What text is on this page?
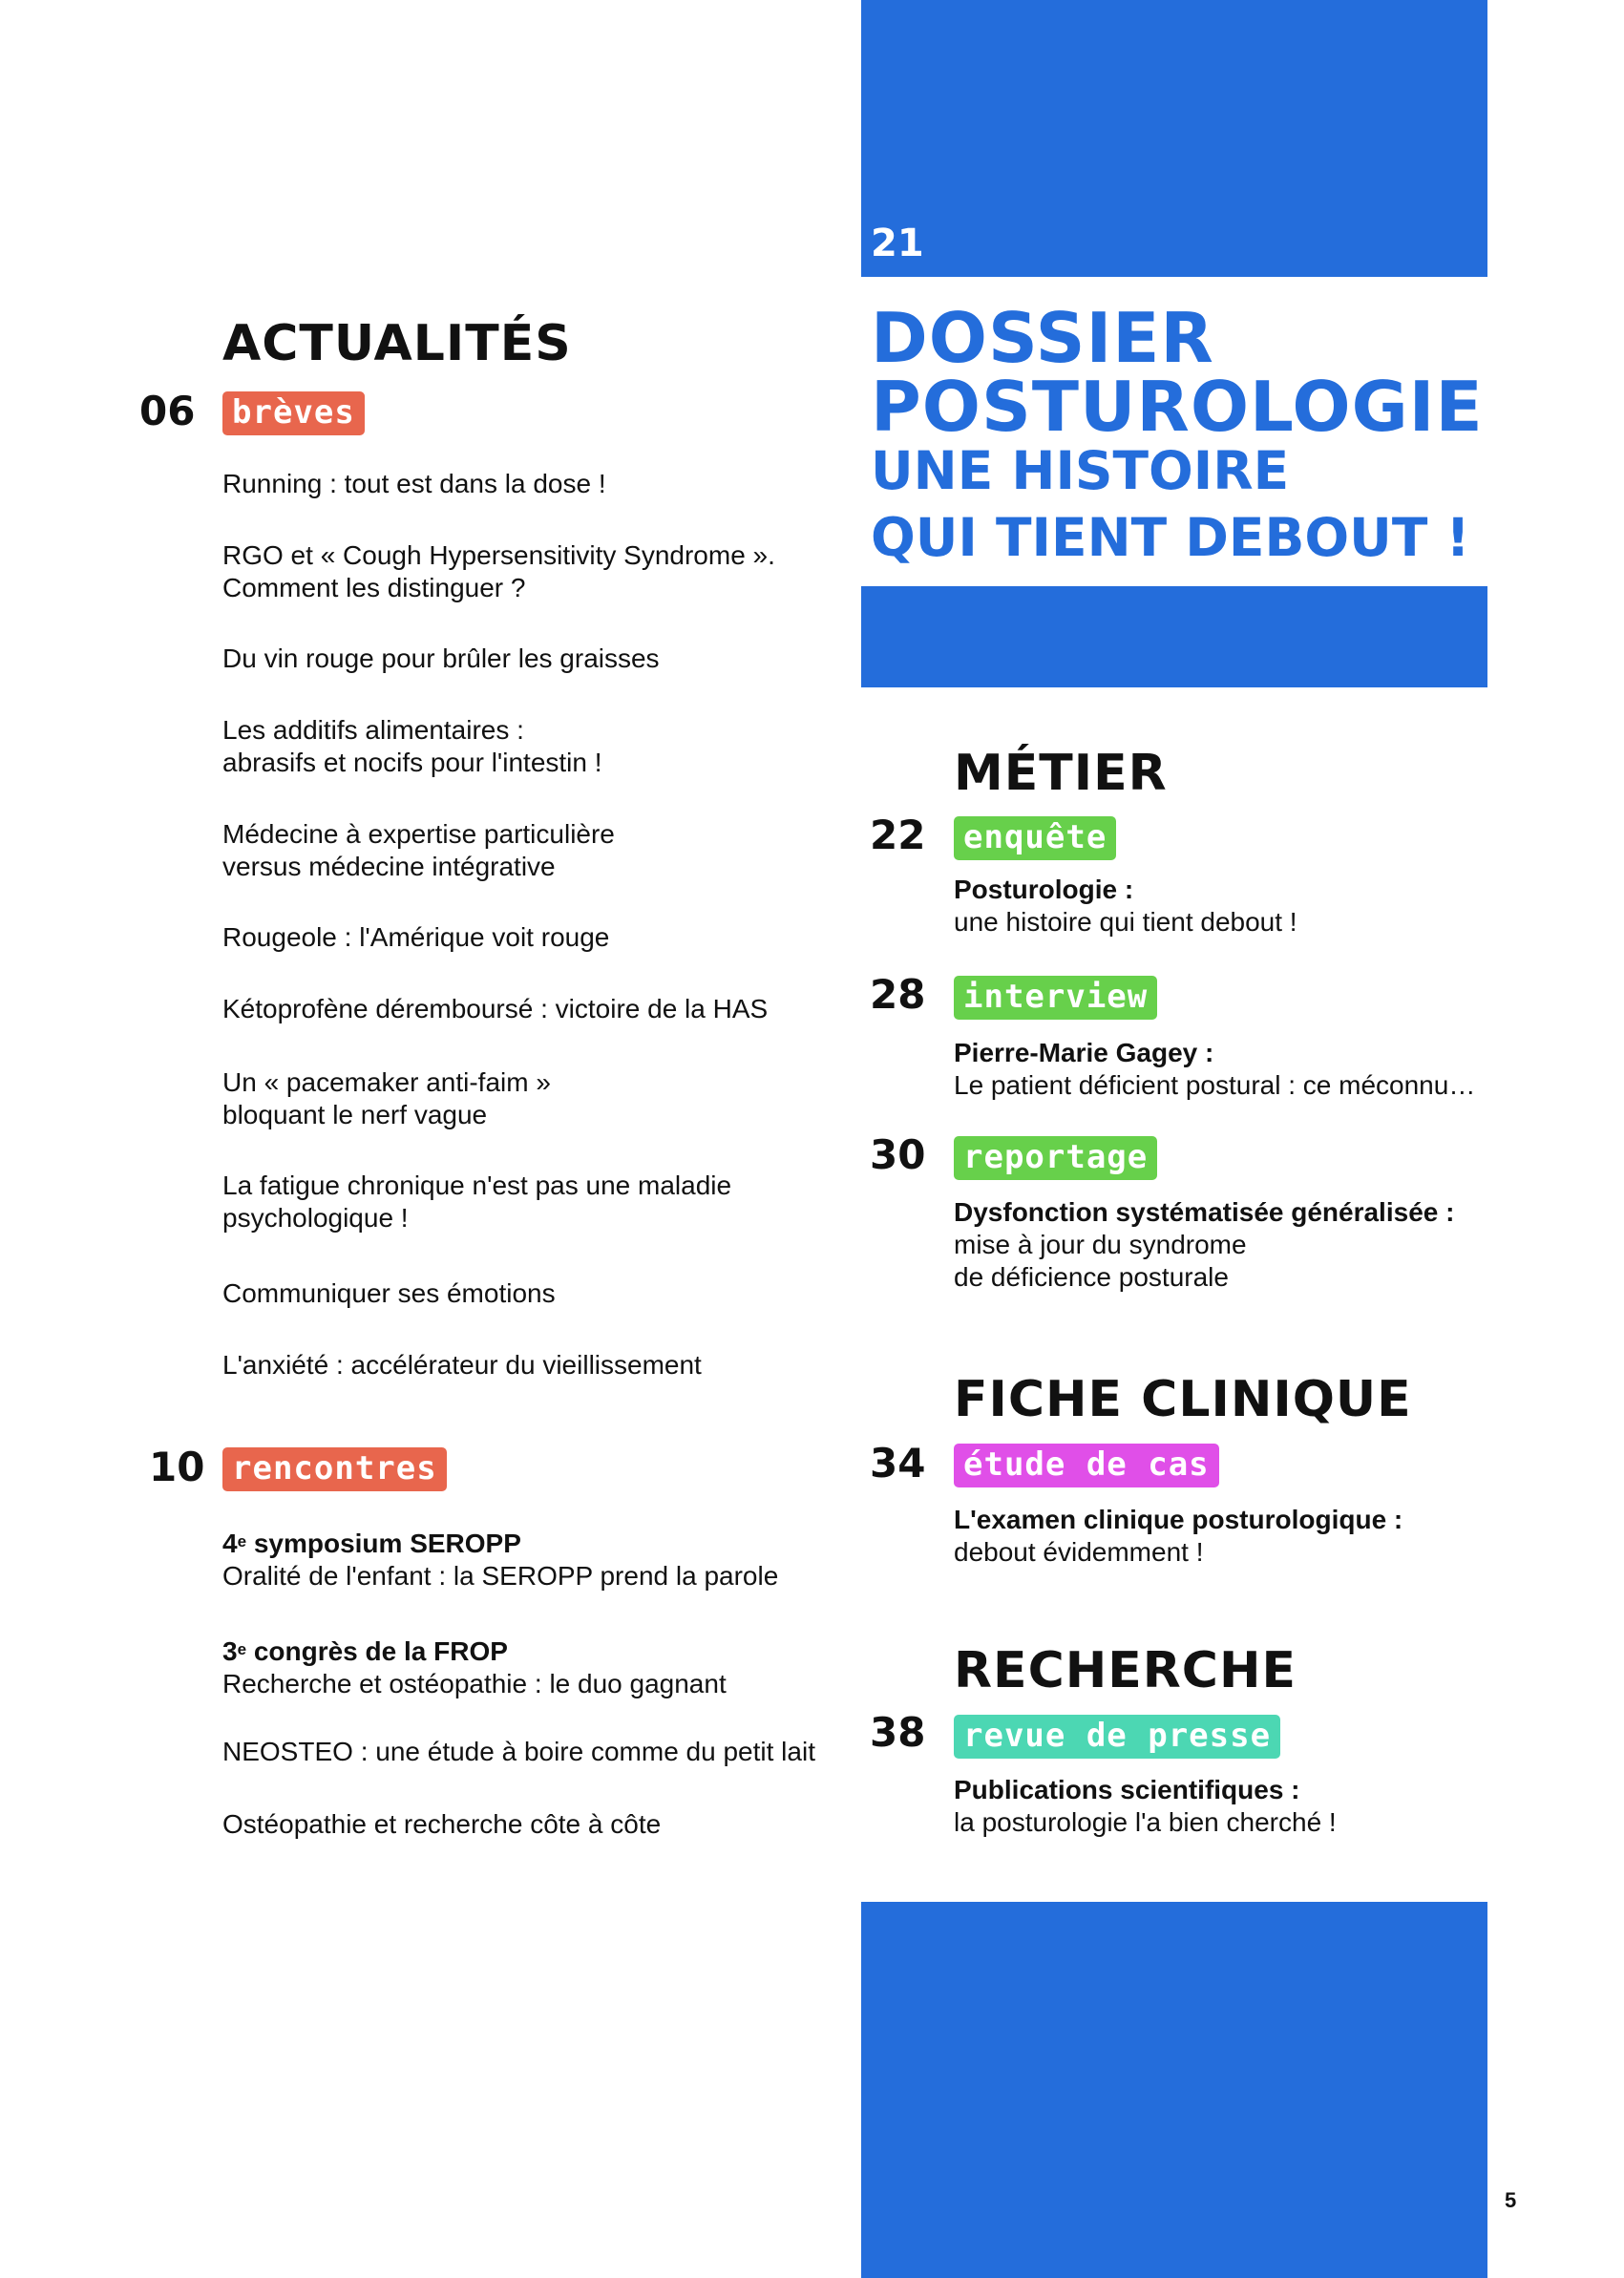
21
DOSSIER
POSTUROLOGIE
UNE HISTOIRE
QUI TIENT DEBOUT !
ACTUALITÉS
06 brèves
Running : tout est dans la dose !
RGO et « Cough Hypersensitivity Syndrome ».
Comment les distinguer ?
Du vin rouge pour brûler les graisses
Les additifs alimentaires :
abrasifs et nocifs pour l'intestin !
Médecine à expertise particulière
versus médecine intégrative
Rougeole : l'Amérique voit rouge
Kétoprofène déremboursé : victoire de la HAS
Un « pacemaker anti-faim »
bloquant le nerf vague
La fatigue chronique n'est pas une maladie
psychologique !
Communiquer ses émotions
L'anxiété : accélérateur du vieillissement
10 rencontres
4e symposium SEROPP
Oralité de l'enfant : la SEROPP prend la parole
3e congrès de la FROP
Recherche et ostéopathie : le duo gagnant
NEOSTEO : une étude à boire comme du petit lait
Ostéopathie et recherche côte à côte
MÉTIER
22 enquête
Posturologie :
une histoire qui tient debout !
28 interview
Pierre-Marie Gagey :
Le patient déficient postural : ce méconnu…
30 reportage
Dysfonction systématisée généralisée :
mise à jour du syndrome
de déficience posturale
FICHE CLINIQUE
34 étude de cas
L'examen clinique posturologique :
debout évidemment !
RECHERCHE
38 revue de presse
Publications scientifiques :
la posturologie l'a bien cherché !
5
